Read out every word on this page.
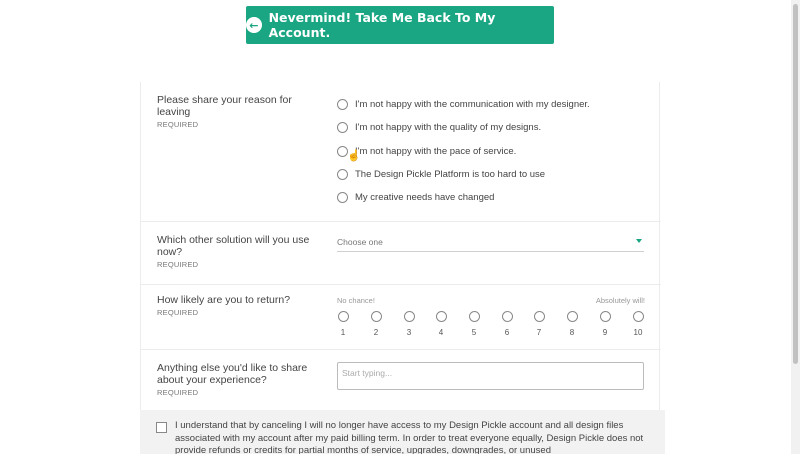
← Nevermind! Take Me Back To My Account.
Please share your reason for leaving
REQUIRED
I'm not happy with the communication with my designer.
I'm not happy with the quality of my designs.
I'm not happy with the pace of service.
The Design Pickle Platform is too hard to use
My creative needs have changed
Which other solution will you use now?
REQUIRED
Choose one
How likely are you to return?
REQUIRED
No chance!	Absolutely will!
1	2	3	4	5	6	7	8	9	10
Anything else you'd like to share about your experience?
REQUIRED
Start typing...
I understand that by canceling I will no longer have access to my Design Pickle account and all design files associated with my account after my paid billing term. In order to treat everyone equally, Design Pickle does not provide refunds or credits for partial months of service, upgrades, downgrades, or unused
☝
